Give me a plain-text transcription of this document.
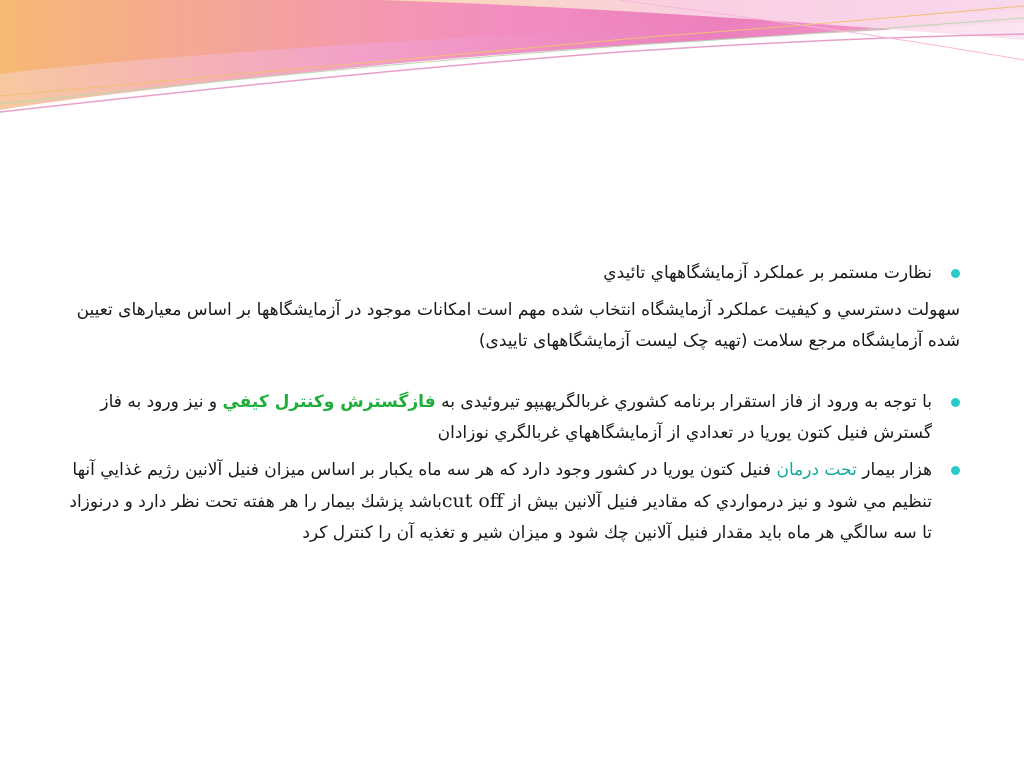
نظارت مستمر بر عملکرد آزمايشگاههاي تائيدي

سهولت دسترسي و کيفيت عملکرد آزمايشگاه انتخاب شده مهم است امکانات موجود در آزمايشگاهها بر اساس معيارهای تعيين شده آزمايشگاه مرجع سلامت (تهيه چک ليست آزمايشگاههای تاييدی)

با توجه به ورود از فاز استقرار برنامه کشوري غربالگريهيپو تيروئيدی به فازگسترش وکنترل کيفي و نيز ورود به فاز گسترش فنيل کتون يوريا در تعدادي از آزمايشگاههاي غربالگري نوزادان

هزار بيمار تحت درمان فنيل کتون يوريا در کشور وجود دارد که هر سه ماه يکبار بر اساس ميزان فنيل آلانين رژيم غذايي آنها تنظيم مي شود و نيز درمواردي که مقادير فنيل آلانين بيش از cut offباشد پزشك بيمار را هر هفته تحت نظر دارد و درنوزاد تا سه سالگي هر ماه بايد مقدار فنيل آلانين چك شود و ميزان شير و تغذيه آن را كنترل كرد
